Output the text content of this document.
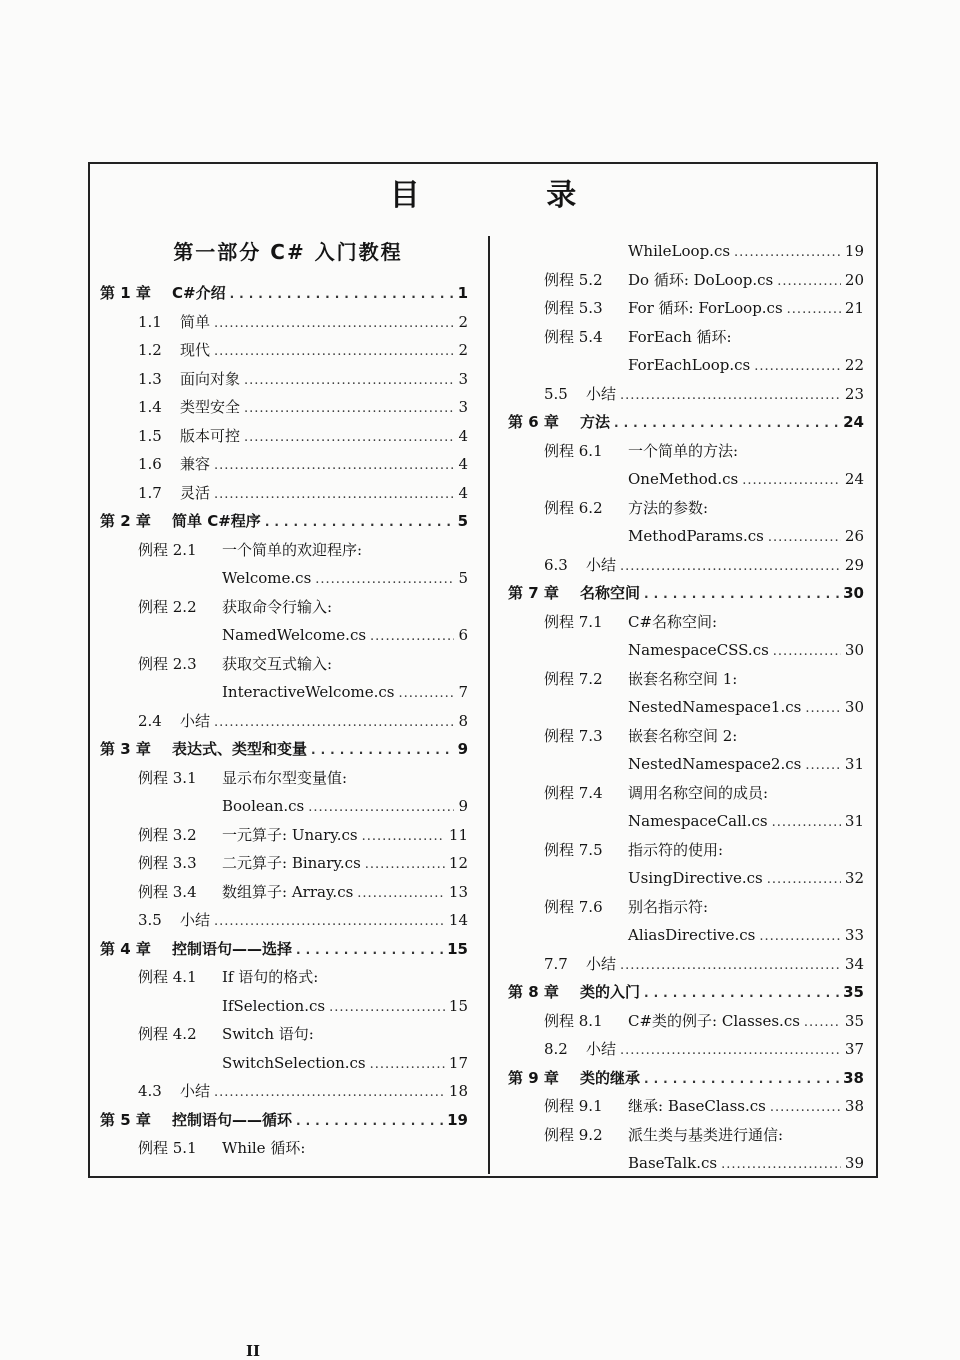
目 录
第一部分 C# 入门教程
第 1 章	C#介绍 .....	1
1.1	简单 .....	2
1.2	现代 .....	2
1.3	面向对象 .....	3
1.4	类型安全 .....	3
1.5	版本可控 .....	4
1.6	兼容 .....	4
1.7	灵活 .....	4
第 2 章	简单 C#程序 .....	5
例程 2.1	一个简单的欢迎程序:
Welcome.cs .....	5
例程 2.2	获取命令行输入:
NamedWelcome.cs .....	6
例程 2.3	获取交互式输入:
InteractiveWelcome.cs .....	7
2.4	小结 .....	8
第 3 章	表达式、类型和变量 .....	9
例程 3.1	显示布尔型变量值:
Boolean.cs .....	9
例程 3.2	一元算子: Unary.cs .....	11
例程 3.3	二元算子: Binary.cs .....	12
例程 3.4	数组算子: Array.cs .....	13
3.5	小结 .....	14
第 4 章	控制语句——选择 .....	15
例程 4.1	If 语句的格式:
IfSelection.cs .....	15
例程 4.2	Switch 语句:
SwitchSelection.cs .....	17
4.3	小结 .....	18
第 5 章	控制语句——循环 .....	19
例程 5.1	While 循环:
WhileLoop.cs .....	19
例程 5.2	Do 循环: DoLoop.cs .....	20
例程 5.3	For 循环: ForLoop.cs .....	21
例程 5.4	ForEach 循环:
ForEachLoop.cs .....	22
5.5	小结 .....	23
第 6 章	方法 .....	24
例程 6.1	一个简单的方法:
OneMethod.cs .....	24
例程 6.2	方法的参数:
MethodParams.cs .....	26
6.3	小结 .....	29
第 7 章	名称空间 .....	30
例程 7.1	C#名称空间:
NamespaceCSS.cs .....	30
例程 7.2	嵌套名称空间 1:
NestedNamespace1.cs .....	30
例程 7.3	嵌套名称空间 2:
NestedNamespace2.cs .....	31
例程 7.4	调用名称空间的成员:
NamespaceCall.cs .....	31
例程 7.5	指示符的使用:
UsingDirective.cs .....	32
例程 7.6	别名指示符:
AliasDirective.cs .....	33
7.7	小结 .....	34
第 8 章	类的入门 .....	35
例程 8.1	C#类的例子: Classes.cs .....	35
8.2	小结 .....	37
第 9 章	类的继承 .....	38
例程 9.1	继承: BaseClass.cs .....	38
例程 9.2	派生类与基类进行通信:
BaseTalk.cs .....	39
II
